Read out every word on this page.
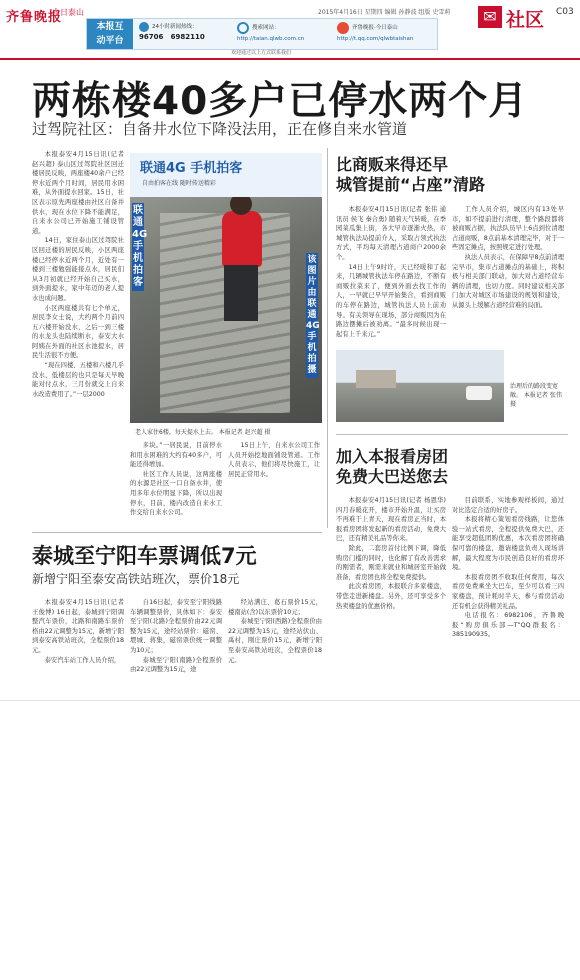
齐鲁晚报
今日泰山	2015年4月16日 星期四 编辑 孙静波 组版 史雪莉
本报互
动平台
24小时新闻热线：
96706 6982110
搜索网站：
http://taian.qlwb.com.cn
齐鲁晚报·今日泰山
http://t.qq.com/qlwbtaishan
欢迎通过以上方式联系我们
✉ 社区 C03
两栋楼40多户已停水两个月
过驾院社区：自备井水位下降没法用，正在修自来水管道

本报泰安4月15日讯(记者 赵兴超) 泰山区过驾院社区回迁楼居民反映，两座楼40余户已经停水近两个月时间，居民用水困难，从外面提水回家。15日，社区表示原先两座楼由社区自备井供水，现在水位下降不能满足，自来水公司已开始施工铺设管道。

14日，家住泰山区过驾院社区回迁楼的居民反映，小区两座楼已经停水近两个月，近处有一楼到三楼勉强能接点水，居民们从3月初就已经开始自己买水，到外面提水，家中年迈的老人提水也成问题。

小区两座楼共有七个单元，居民李女士说，大约两个月前四五六楼开始没水，之后一到三楼的水龙头也陆续断水，泰安大水阿姨在外面的社区水池提水，居民生活很不方便。

“现在四楼、五楼和六楼几乎没水，低楼层的也只是每天早晚能对付点水，三月份就交上自来水改造费用了。”一层2000

联通4G 手机拍客
自由拍客在线 随时传送精彩
联通4G手机拍客
该图片由联通4G手机拍摄
老人家住6楼，每天提水上去。 本报记者 赵兴超 摄

多块。”一居民说，目前停水和用水困难的大约有40多户，可能还得增加。

社区工作人员说，这两座楼的水源是社区一口自备水井，使用多年水位明显下降，所以出现停水，目前，楼内改造自来水工作交给自来水公司。

15日上午，自来水公司工作人员开始挖地面铺设管道。工作人员表示，他们将尽快施工，让居民正常用水。

比商贩来得还早
城管提前“占座”清路

本报泰安4月15日讯(记者 张伟 通讯员 侯飞 秦合勇) 随着天气转暖，在季园菜瓜集上街，各大早市逐渐火热，市城管执法局提前介入，采取占领式执法方式，平均每天清理占道商户2000余个。

14日上午9时许，天已经暖和了起来，几辆城管执法车停在路边，不断有商贩拉菜来了，便到外面去找工作的人，一早就已早早开始集合，看到商贩的车停在路边，城管执法人员上前劝导。有关领导在现场，部分商贩因为在路边摆摊后被劝离。“最多时候出现一起有上千来元。”

工作人员介绍，城区内有13处早市，如不提前进行清理，整个路段都将被商贩占据，执法队员早上6点到位清理占道商贩，8点前基本清理完毕，对于一些固定摊点，按照规定进行处理。

执法人员表示，在保障早8点前清理完早市，集市占道摊点的基础上，将积极与相关部门联动，加大对占道经营车辆的清理，也切力度。同时建议相关部门加大对城区市场建设的规划和建设，从源头上缓解占道经营难的局面。

治理后的路段变宽敞。 本报记者 张伟 摄
加入本报看房团
免费大巴送您去

本报泰安4月15日讯(记者 杨恩华) 四月春暖花开，楼市开始升温，让买房不再难于上青天，现在看房正当时，本报看房团将发起新的看房活动，免费大巴，还有精美礼品等你来。

除此，二套房首付比例下调，降低购房门槛的同时，也化解了有改善需求的刚需者，刚需来就业和城居室开始做准备，看房团也将全程免费提供。

此次看房团，本报联合多家楼盘，带您走进新楼盘。另外，还可享受多个热卖楼盘的优惠价格。

目前联系，实地参观样板间，通过对比选定合适的好房子。

本报将精心策划看房线路，让您体验一站式看房，全程提供免费大巴，还能享受超低团购优惠，本次看房团将确保可靠的楼盘，邀请楼盘负责人现场讲解，最大程度为市民创造良好的看房环境。

本报看房团不收取任何费用，每次看房免费乘坐大巴车，至少可以看三四家楼盘，预计耗时半天，参与看房活动还有机会获得精美礼品。

电话报名：6982106，齐鲁晚报“购房俱乐部—T”QQ群报名：385190935。

泰城至宁阳车票调低7元
新增宁阳至泰安高铁站班次，票价18元

本报泰安4月15日讯(记者 王俊博) 16日起，泰城到宁阳调整汽车票价，北路和南路车票价格由22元调整为15元，新增宁阳到泰安高铁站班次，全程票价18元。

泰安汽车站工作人员介绍，

自16日起，泰安至宁阳线路车辆调整票价，具体如下：泰安至宁阳(北路)全程票价由22元调整为15元，途经站票价：磁窑、堽城、蒋集，磁窑票价统一调整为10元；

泰城至宁阳(南路)全程票价由22元调整为15元，途

经站满庄、葛石票价15元，楼南站(含)以东票价10元；

泰城至宁阳(西路)全程票价由22元调整为15元，途经站伏山、禹村，刚庄票价15元，新增宁阳至泰安高铁站班次，全程票价18元。
